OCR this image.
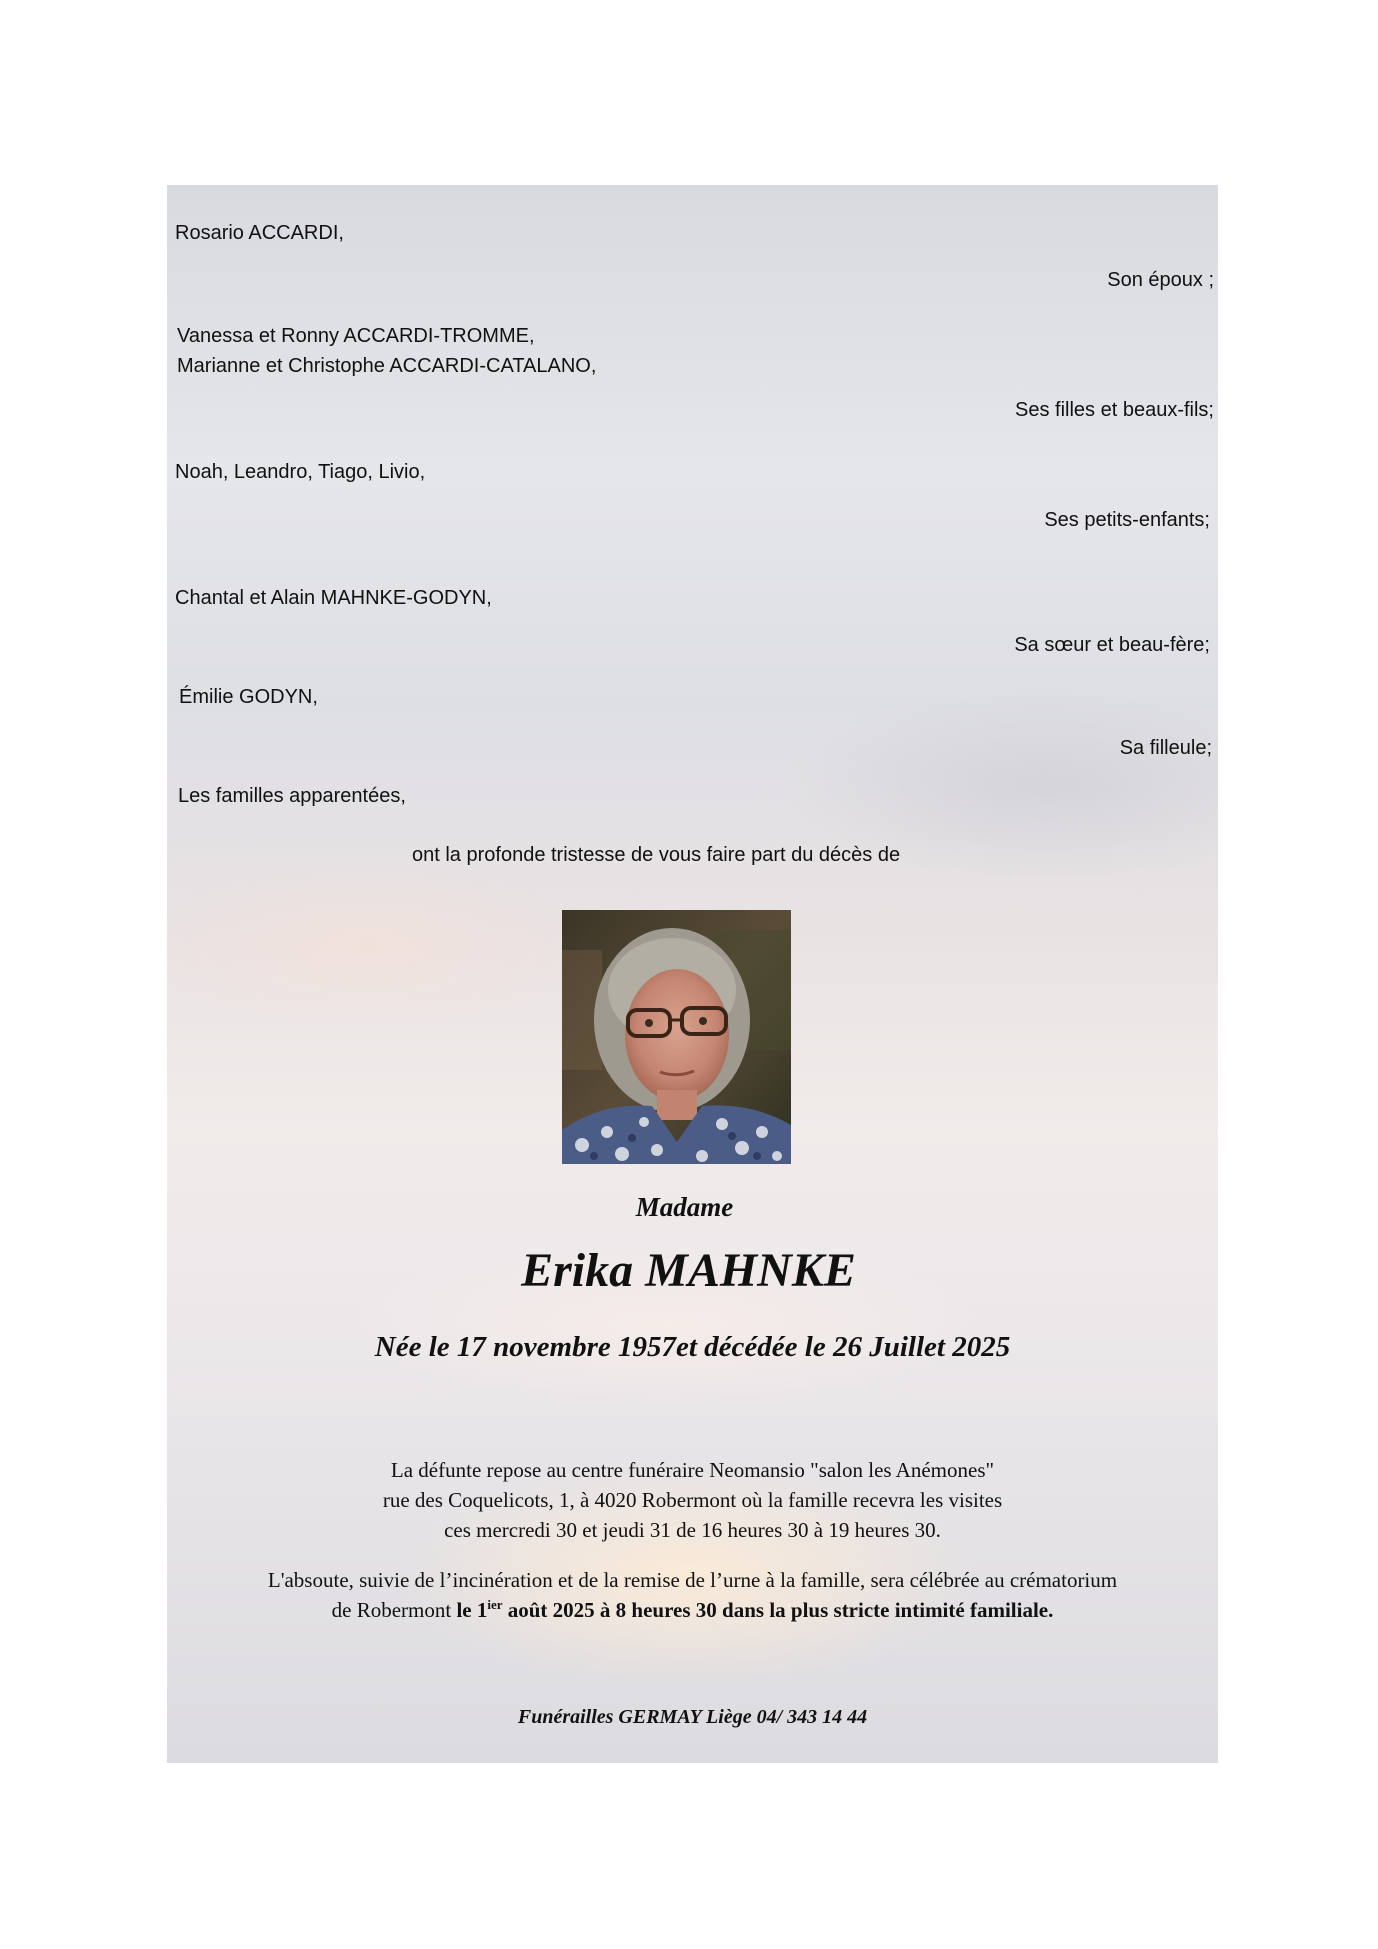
Rosario ACCARDI,
Son époux ;
Vanessa et Ronny ACCARDI-TROMME,
Marianne et Christophe ACCARDI-CATALANO,
Ses filles et beaux-fils;
Noah, Leandro, Tiago, Livio,
Ses petits-enfants;
Chantal et Alain MAHNKE-GODYN,
Sa sœur et beau-fère;
Émilie GODYN,
Sa filleule;
Les familles apparentées,
ont la profonde tristesse de vous faire part du décès de
Madame
Erika MAHNKE
Née le 17 novembre 1957et décédée le 26 Juillet 2025
La défunte repose au centre funéraire Neomansio "salon les Anémones"
rue des Coquelicots, 1, à 4020 Robermont où la famille recevra les visites
ces mercredi 30 et jeudi 31 de 16 heures 30 à 19 heures 30.
L'absoute, suivie de l’incinération et de la remise de l’urne à la famille, sera célébrée au crématorium
de Robermont le $1^{ier}$ août 2025 à 8 heures 30 dans la plus stricte intimité familiale.
Funérailles GERMAY Liège 04/ 343 14 44
